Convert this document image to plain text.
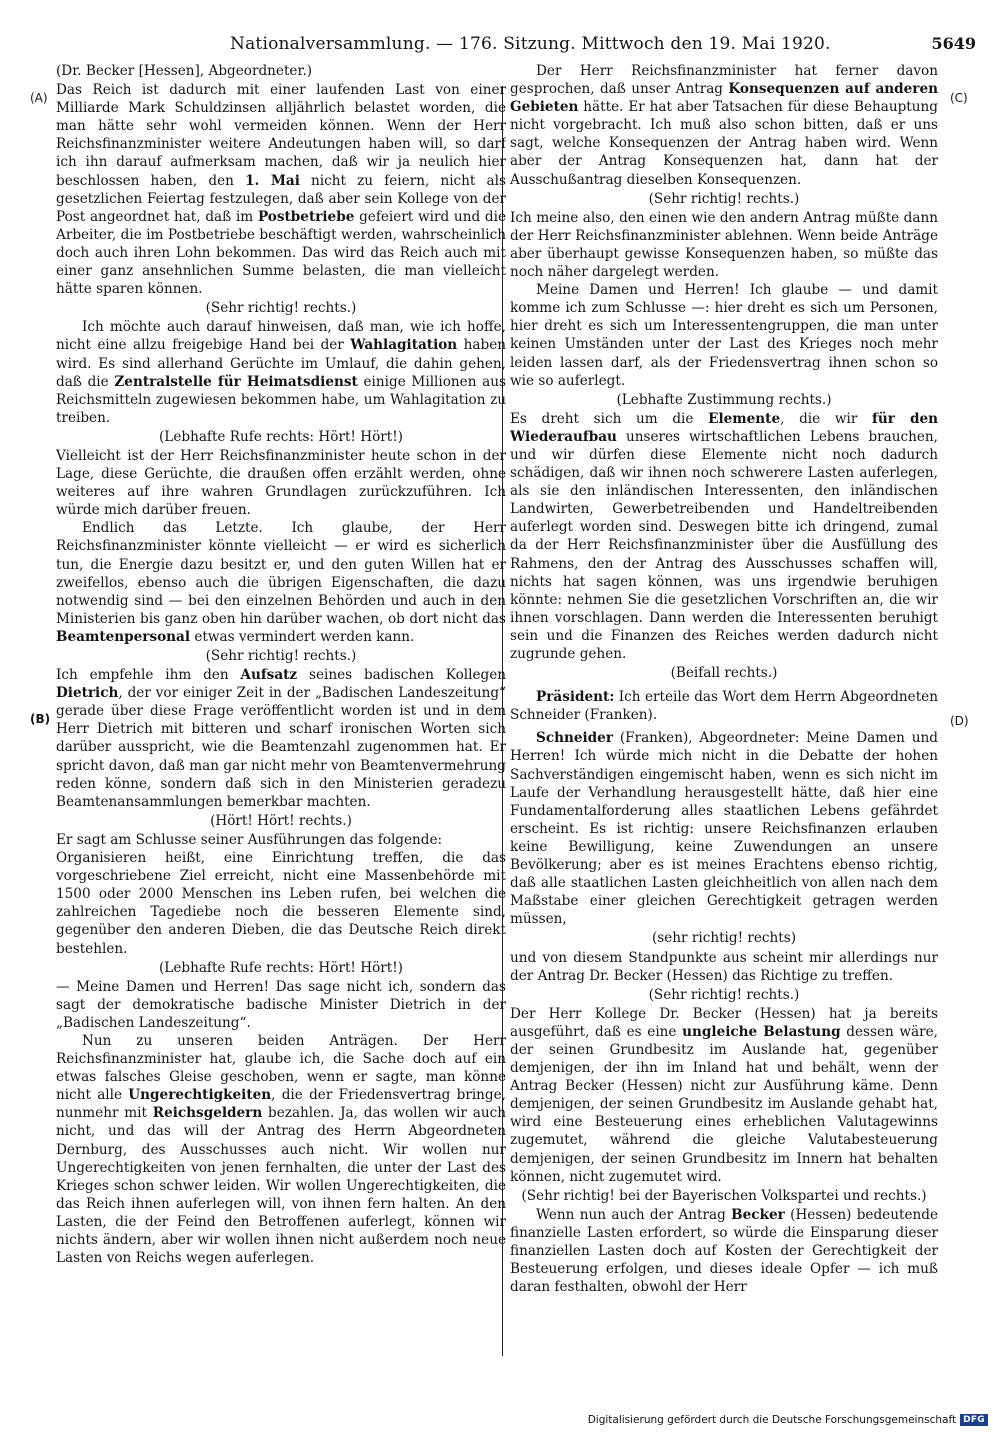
Nationalversammlung. — 176. Sitzung. Mittwoch den 19. Mai 1920.	5649
(A)
(B)
(C)
(D)

(Dr. Becker [Hessen], Abgeordneter.)

Das Reich ist dadurch mit einer laufenden Last von einer Milliarde Mark Schuldzinsen alljährlich belastet worden, die man hätte sehr wohl vermeiden können. Wenn der Herr Reichsfinanzminister weitere Andeutungen haben will, so darf ich ihn darauf aufmerksam machen, daß wir ja neulich hier beschlossen haben, den 1. Mai nicht zu feiern, nicht als gesetzlichen Feiertag festzulegen, daß aber sein Kollege von der Post angeordnet hat, daß im Postbetriebe gefeiert wird und die Arbeiter, die im Postbetriebe beschäftigt werden, wahrscheinlich doch auch ihren Lohn bekommen. Das wird das Reich auch mit einer ganz ansehnlichen Summe belasten, die man vielleicht hätte sparen können.

(Sehr richtig! rechts.)

Ich möchte auch darauf hinweisen, daß man, wie ich hoffe, nicht eine allzu freigebige Hand bei der Wahlagitation haben wird. Es sind allerhand Gerüchte im Umlauf, die dahin gehen, daß die Zentralstelle für Heimatsdienst einige Millionen aus Reichsmitteln zugewiesen bekommen habe, um Wahlagitation zu treiben.

(Lebhafte Rufe rechts: Hört! Hört!)

Vielleicht ist der Herr Reichsfinanzminister heute schon in der Lage, diese Gerüchte, die draußen offen erzählt werden, ohne weiteres auf ihre wahren Grundlagen zurückzuführen. Ich würde mich darüber freuen.

Endlich das Letzte. Ich glaube, der Herr Reichsfinanzminister könnte vielleicht — er wird es sicherlich tun, die Energie dazu besitzt er, und den guten Willen hat er zweifellos, ebenso auch die übrigen Eigenschaften, die dazu notwendig sind — bei den einzelnen Behörden und auch in den Ministerien bis ganz oben hin darüber wachen, ob dort nicht das Beamtenpersonal etwas vermindert werden kann.

(Sehr richtig! rechts.)

Ich empfehle ihm den Aufsatz seines badischen Kollegen Dietrich, der vor einiger Zeit in der „Badischen Landeszeitung“ gerade über diese Frage veröffentlicht worden ist und in dem Herr Dietrich mit bitteren und scharf ironischen Worten sich darüber ausspricht, wie die Beamtenzahl zugenommen hat. Er spricht davon, daß man gar nicht mehr von Beamtenvermehrung reden könne, sondern daß sich in den Ministerien geradezu Beamtenansammlungen bemerkbar machten.

(Hört! Hört! rechts.)

Er sagt am Schlusse seiner Ausführungen das folgende:

Organisieren heißt, eine Einrichtung treffen, die das vorgeschriebene Ziel erreicht, nicht eine Massenbehörde mit 1500 oder 2000 Menschen ins Leben rufen, bei welchen die zahlreichen Tagediebe noch die besseren Elemente sind, gegenüber den anderen Dieben, die das Deutsche Reich direkt bestehlen.

(Lebhafte Rufe rechts: Hört! Hört!)

— Meine Damen und Herren! Das sage nicht ich, sondern das sagt der demokratische badische Minister Dietrich in der „Badischen Landeszeitung“.

Nun zu unseren beiden Anträgen. Der Herr Reichsfinanzminister hat, glaube ich, die Sache doch auf ein etwas falsches Gleise geschoben, wenn er sagte, man könne nicht alle Ungerechtigkeiten, die der Friedensvertrag bringe, nunmehr mit Reichsgeldern bezahlen. Ja, das wollen wir auch nicht, und das will der Antrag des Herrn Abgeordneten Dernburg, des Ausschusses auch nicht. Wir wollen nur Ungerechtigkeiten von jenen fernhalten, die unter der Last des Krieges schon schwer leiden. Wir wollen Ungerechtigkeiten, die das Reich ihnen auferlegen will, von ihnen fern halten. An den Lasten, die der Feind den Betroffenen auferlegt, können wir nichts ändern, aber wir wollen ihnen nicht außerdem noch neue Lasten von Reichs wegen auferlegen.

Der Herr Reichsfinanzminister hat ferner davon gesprochen, daß unser Antrag Konsequenzen auf anderen Gebieten hätte. Er hat aber Tatsachen für diese Behauptung nicht vorgebracht. Ich muß also schon bitten, daß er uns sagt, welche Konsequenzen der Antrag haben wird. Wenn aber der Antrag Konsequenzen hat, dann hat der Ausschußantrag dieselben Konsequenzen.

(Sehr richtig! rechts.)

Ich meine also, den einen wie den andern Antrag müßte dann der Herr Reichsfinanzminister ablehnen. Wenn beide Anträge aber überhaupt gewisse Konsequenzen haben, so müßte das noch näher dargelegt werden.

Meine Damen und Herren! Ich glaube — und damit komme ich zum Schlusse —: hier dreht es sich um Personen, hier dreht es sich um Interessentengruppen, die man unter keinen Umständen unter der Last des Krieges noch mehr leiden lassen darf, als der Friedensvertrag ihnen schon so wie so auferlegt.

(Lebhafte Zustimmung rechts.)

Es dreht sich um die Elemente, die wir für den Wiederaufbau unseres wirtschaftlichen Lebens brauchen, und wir dürfen diese Elemente nicht noch dadurch schädigen, daß wir ihnen noch schwerere Lasten auferlegen, als sie den inländischen Interessenten, den inländischen Landwirten, Gewerbetreibenden und Handeltreibenden auferlegt worden sind. Deswegen bitte ich dringend, zumal da der Herr Reichsfinanzminister über die Ausfüllung des Rahmens, den der Antrag des Ausschusses schaffen will, nichts hat sagen können, was uns irgendwie beruhigen könnte: nehmen Sie die gesetzlichen Vorschriften an, die wir ihnen vorschlagen. Dann werden die Interessenten beruhigt sein und die Finanzen des Reiches werden dadurch nicht zugrunde gehen.

(Beifall rechts.)

Präsident: Ich erteile das Wort dem Herrn Abgeordneten Schneider (Franken).

Schneider (Franken), Abgeordneter: Meine Damen und Herren! Ich würde mich nicht in die Debatte der hohen Sachverständigen eingemischt haben, wenn es sich nicht im Laufe der Verhandlung herausgestellt hätte, daß hier eine Fundamentalforderung alles staatlichen Lebens gefährdet erscheint. Es ist richtig: unsere Reichsfinanzen erlauben keine Bewilligung, keine Zuwendungen an unsere Bevölkerung; aber es ist meines Erachtens ebenso richtig, daß alle staatlichen Lasten gleichheitlich von allen nach dem Maßstabe einer gleichen Gerechtigkeit getragen werden müssen,

(sehr richtig! rechts)

und von diesem Standpunkte aus scheint mir allerdings nur der Antrag Dr. Becker (Hessen) das Richtige zu treffen.

(Sehr richtig! rechts.)

Der Herr Kollege Dr. Becker (Hessen) hat ja bereits ausgeführt, daß es eine ungleiche Belastung dessen wäre, der seinen Grundbesitz im Auslande hat, gegenüber demjenigen, der ihn im Inland hat und behält, wenn der Antrag Becker (Hessen) nicht zur Ausführung käme. Denn demjenigen, der seinen Grundbesitz im Auslande gehabt hat, wird eine Besteuerung eines erheblichen Valutagewinns zugemutet, während die gleiche Valutabesteuerung demjenigen, der seinen Grundbesitz im Innern hat behalten können, nicht zugemutet wird.

(Sehr richtig! bei der Bayerischen Volkspartei und rechts.)

Wenn nun auch der Antrag Becker (Hessen) bedeutende finanzielle Lasten erfordert, so würde die Einsparung dieser finanziellen Lasten doch auf Kosten der Gerechtigkeit der Besteuerung erfolgen, und dieses ideale Opfer — ich muß daran festhalten, obwohl der Herr

Digitalisierung gefördert durch die Deutsche Forschungsgemeinschaft DFG
